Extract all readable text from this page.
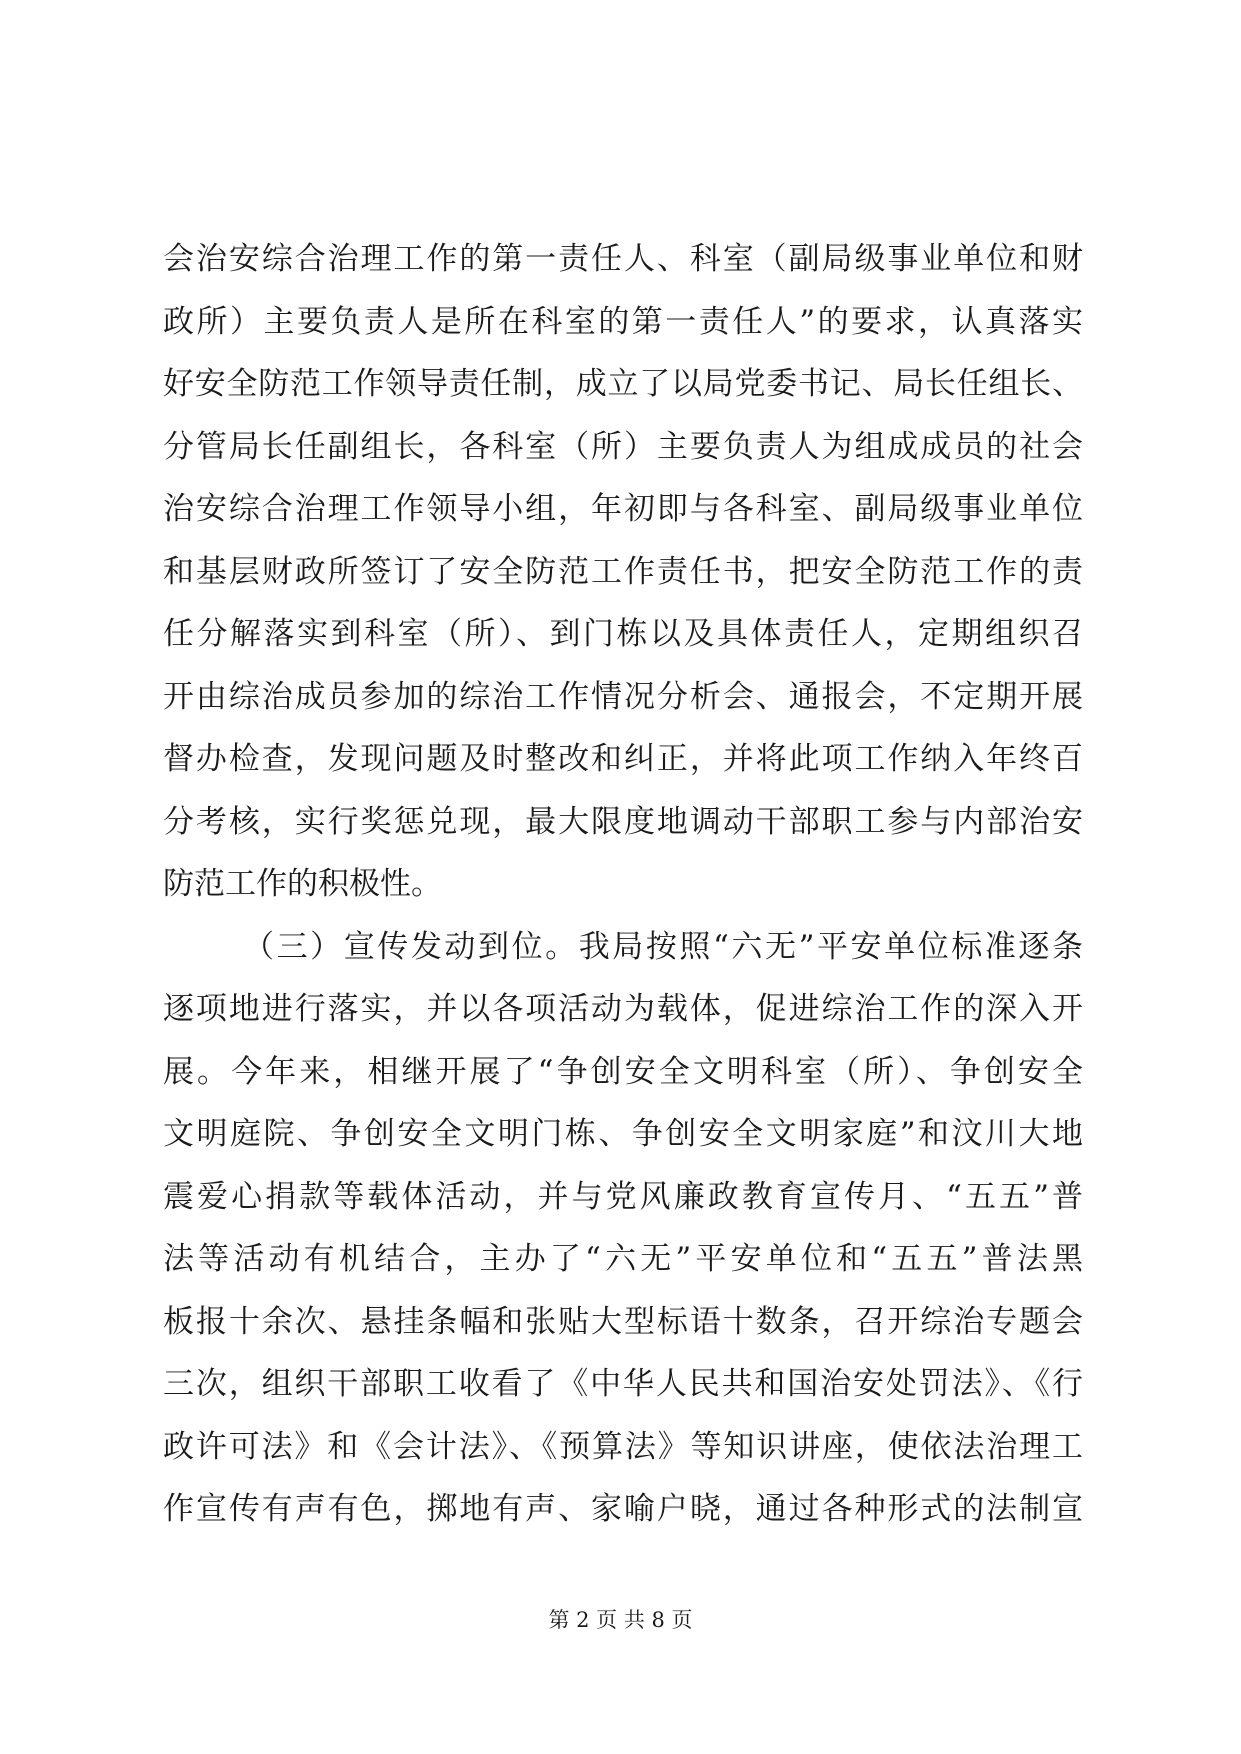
会治安综合治理工作的第一责任人、科室（副局级事业单位和财
政所）主要负责人是所在科室的第一责任人”的要求，认真落实
好安全防范工作领导责任制，成立了以局党委书记、局长任组长、
分管局长任副组长，各科室（所）主要负责人为组成成员的社会
治安综合治理工作领导小组，年初即与各科室、副局级事业单位
和基层财政所签订了安全防范工作责任书，把安全防范工作的责
任分解落实到科室（所）、到门栋以及具体责任人，定期组织召
开由综治成员参加的综治工作情况分析会、通报会，不定期开展
督办检查，发现问题及时整改和纠正，并将此项工作纳入年终百
分考核，实行奖惩兑现，最大限度地调动干部职工参与内部治安
防范工作的积极性。
（三）宣传发动到位。我局按照“六无”平安单位标准逐条
逐项地进行落实，并以各项活动为载体，促进综治工作的深入开
展。今年来，相继开展了“争创安全文明科室（所）、争创安全
文明庭院、争创安全文明门栋、争创安全文明家庭”和汶川大地
震爱心捐款等载体活动，并与党风廉政教育宣传月、“五五”普
法等活动有机结合，主办了“六无”平安单位和“五五”普法黑
板报十余次、悬挂条幅和张贴大型标语十数条，召开综治专题会
三次，组织干部职工收看了《中华人民共和国治安处罚法》、《行
政许可法》和《会计法》、《预算法》等知识讲座，使依法治理工
作宣传有声有色，掷地有声、家喻户晓，通过各种形式的法制宣
第 2 页 共 8 页
